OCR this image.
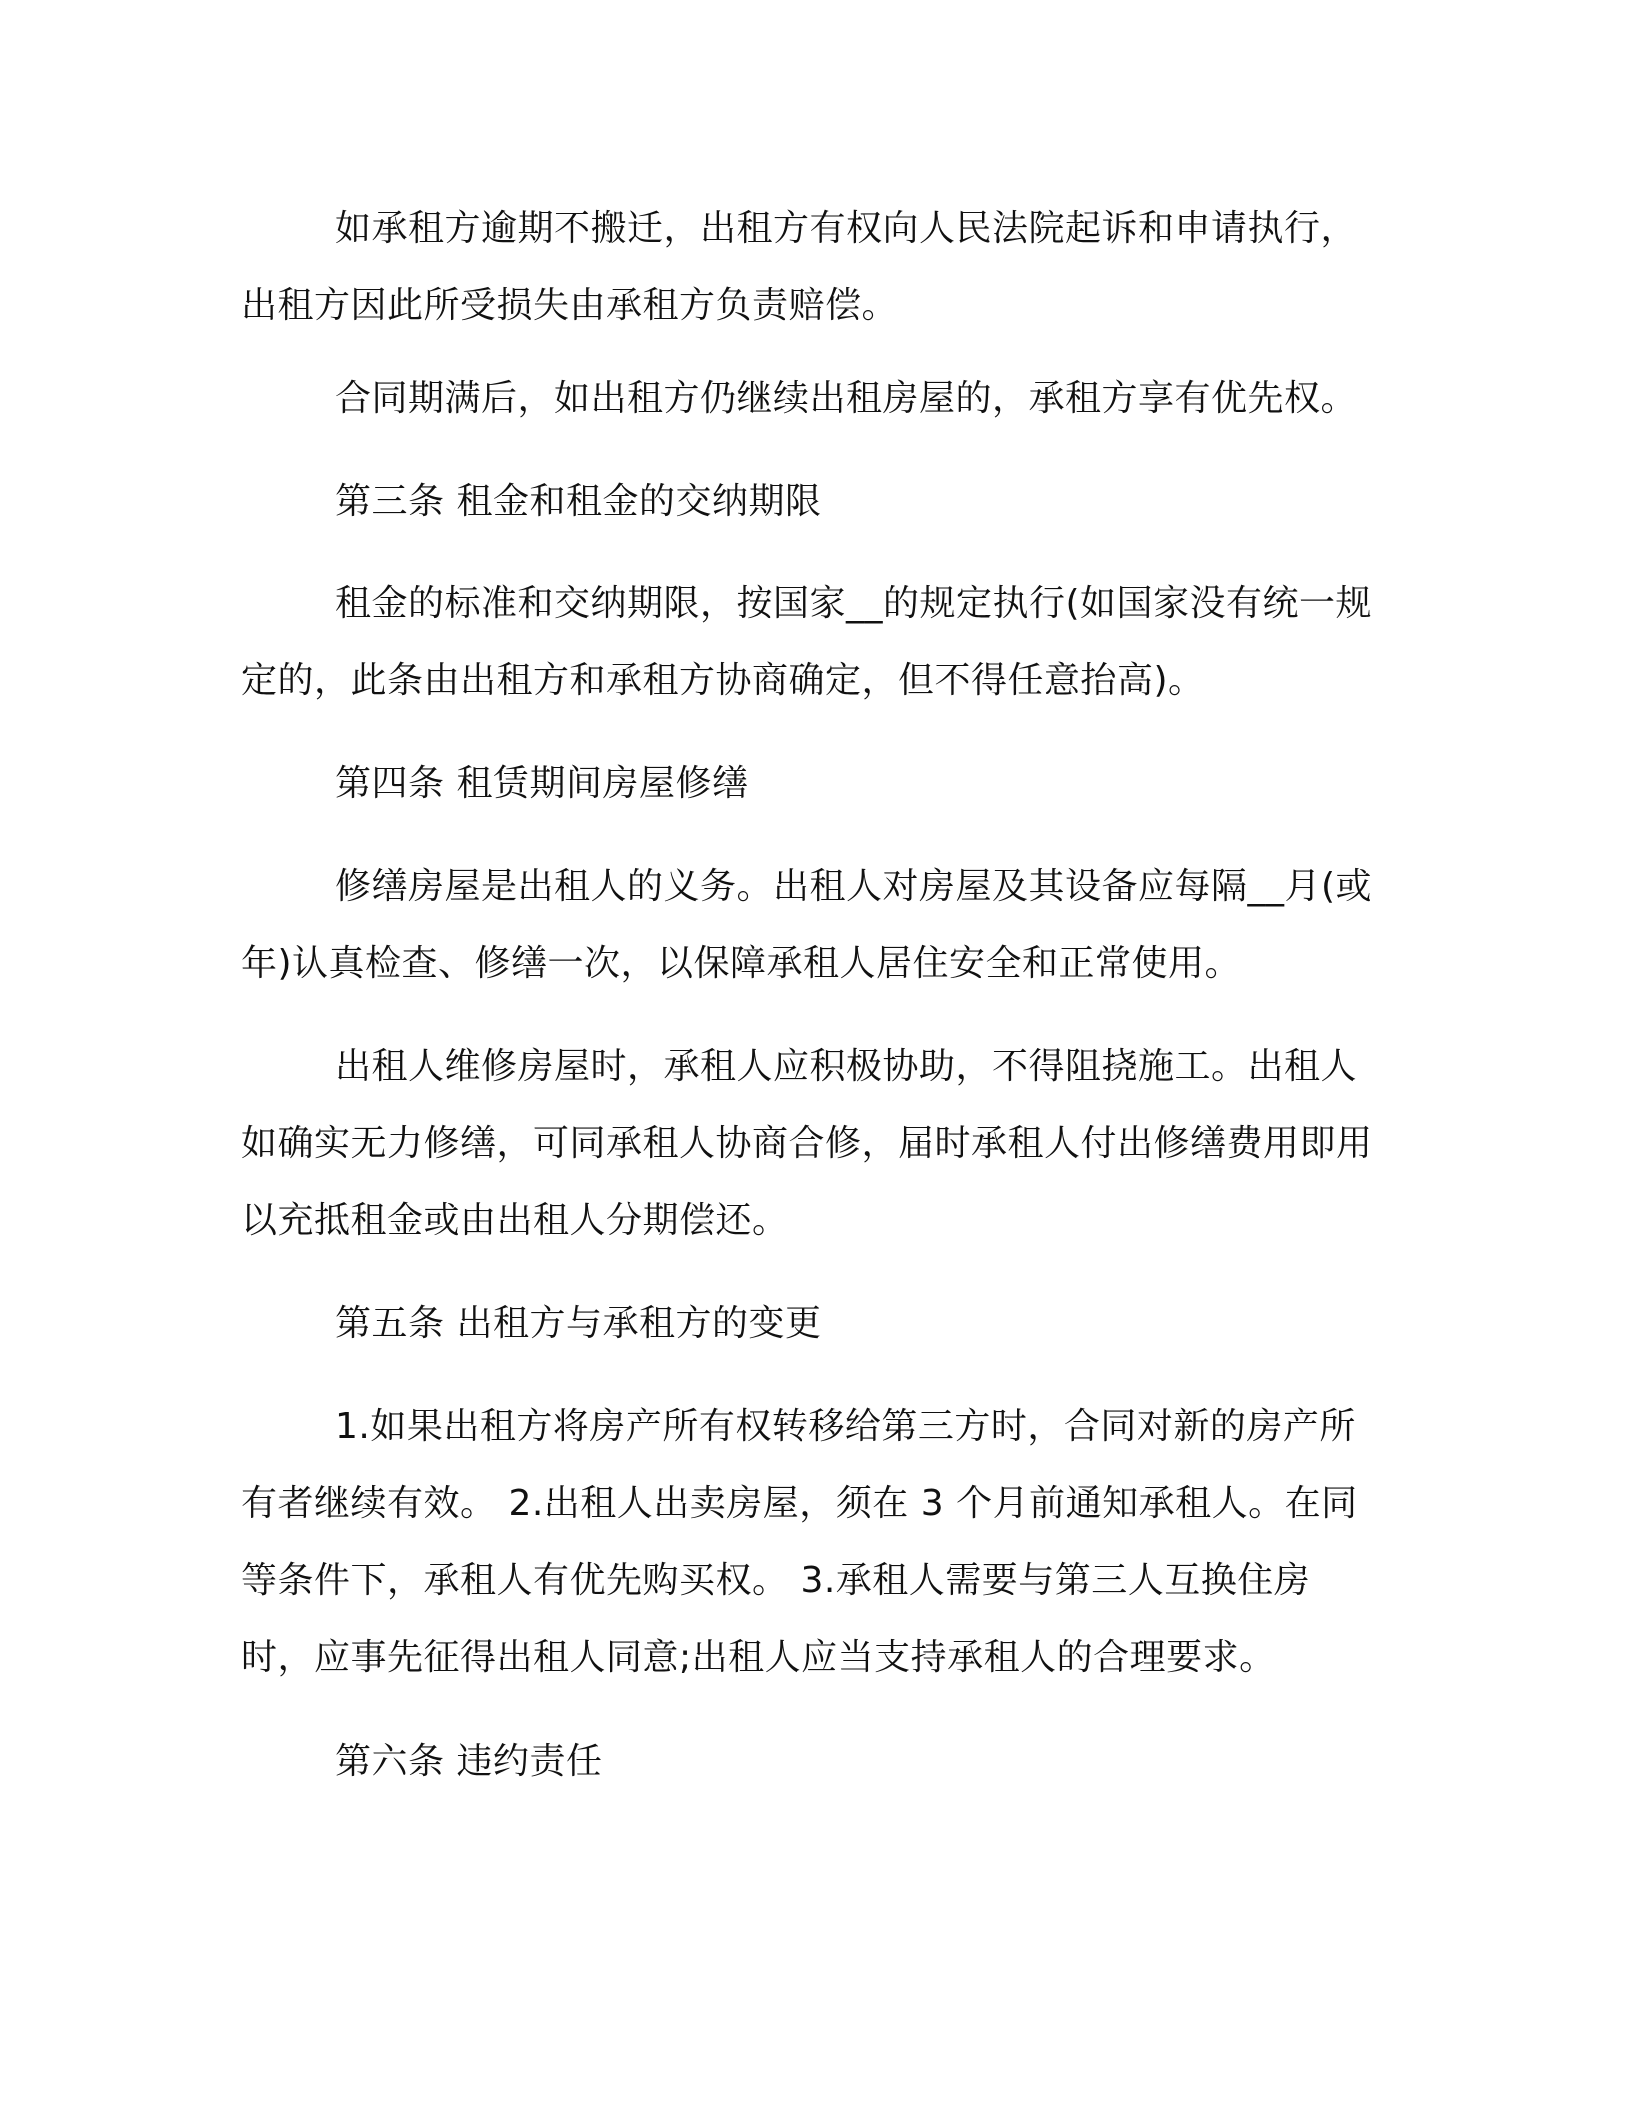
如承租方逾期不搬迁，出租方有权向人民法院起诉和申请执行，出租方因此所受损失由承租方负责赔偿。

合同期满后，如出租方仍继续出租房屋的，承租方享有优先权。

第三条 租金和租金的交纳期限

租金的标准和交纳期限，按国家__的规定执行(如国家没有统一规定的，此条由出租方和承租方协商确定，但不得任意抬高)。

第四条 租赁期间房屋修缮

修缮房屋是出租人的义务。出租人对房屋及其设备应每隔__月(或年)认真检查、修缮一次，以保障承租人居住安全和正常使用。

出租人维修房屋时，承租人应积极协助，不得阻挠施工。出租人如确实无力修缮，可同承租人协商合修，届时承租人付出修缮费用即用以充抵租金或由出租人分期偿还。

第五条 出租方与承租方的变更

1.如果出租方将房产所有权转移给第三方时，合同对新的房产所有者继续有效。 2.出租人出卖房屋，须在 3 个月前通知承租人。在同等条件下，承租人有优先购买权。 3.承租人需要与第三人互换住房时，应事先征得出租人同意;出租人应当支持承租人的合理要求。

第六条 违约责任
